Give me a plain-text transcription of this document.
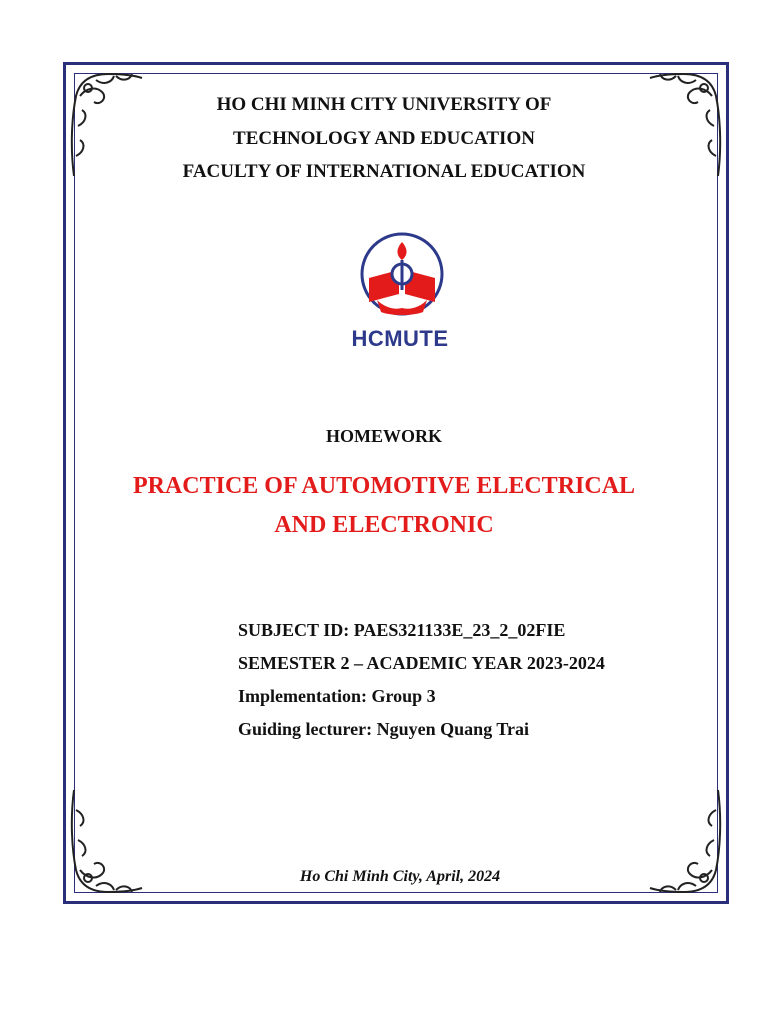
HO CHI MINH CITY UNIVERSITY OF
TECHNOLOGY AND EDUCATION
FACULTY OF INTERNATIONAL EDUCATION
HCMUTE
HOMEWORK
PRACTICE OF AUTOMOTIVE ELECTRICAL
AND ELECTRONIC
SUBJECT ID: PAES321133E_23_2_02FIE
SEMESTER 2 – ACADEMIC YEAR 2023-2024
Implementation: Group 3
Guiding lecturer: Nguyen Quang Trai
Ho Chi Minh City, April, 2024
